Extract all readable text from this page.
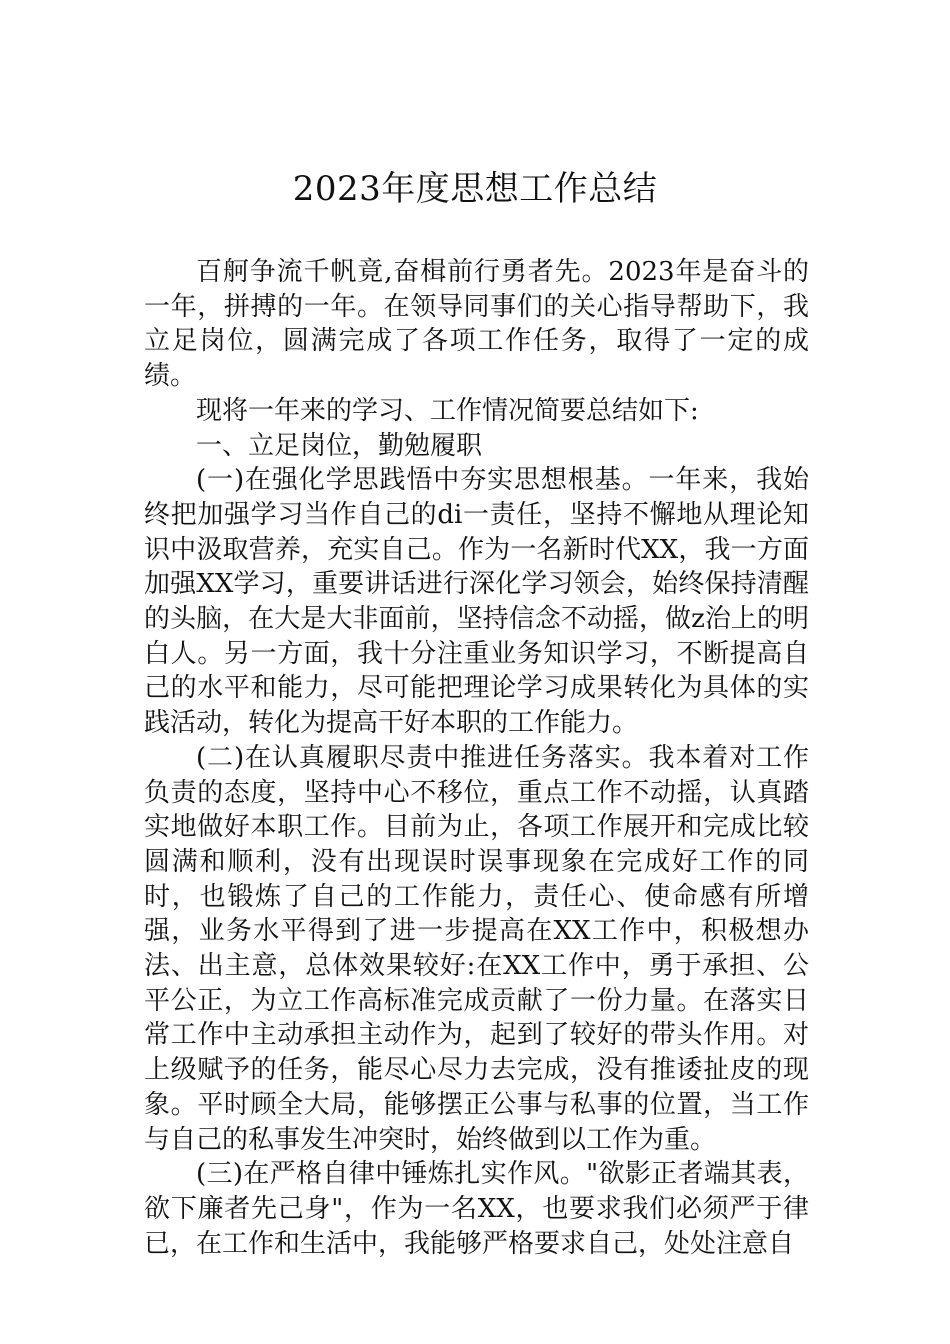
2023年度思想工作总结

百舸争流千帆竟,奋楫前行勇者先。2023年是奋斗的一年，拼搏的一年。在领导同事们的关心指导帮助下，我立足岗位，圆满完成了各项工作任务，取得了一定的成绩。

现将一年来的学习、工作情况简要总结如下:

一、立足岗位，勤勉履职

(一)在强化学思践悟中夯实思想根基。一年来，我始终把加强学习当作自己的di一责任，坚持不懈地从理论知识中汲取营养，充实自己。作为一名新时代XX，我一方面加强XX学习，重要讲话进行深化学习领会，始终保持清醒的头脑，在大是大非面前，坚持信念不动摇，做z治上的明白人。另一方面，我十分注重业务知识学习，不断提高自己的水平和能力，尽可能把理论学习成果转化为具体的实践活动，转化为提高干好本职的工作能力。

(二)在认真履职尽责中推进任务落实。我本着对工作负责的态度，坚持中心不移位，重点工作不动摇，认真踏实地做好本职工作。目前为止，各项工作展开和完成比较圆满和顺利，没有出现误时误事现象在完成好工作的同时，也锻炼了自己的工作能力，责任心、使命感有所增强，业务水平得到了进一步提高在XX工作中，积极想办法、出主意，总体效果较好:在XX工作中，勇于承担、公平公正，为立工作高标准完成贡献了一份力量。在落实日常工作中主动承担主动作为，起到了较好的带头作用。对上级赋予的任务，能尽心尽力去完成，没有推诿扯皮的现象。平时顾全大局，能够摆正公事与私事的位置，当工作与自己的私事发生冲突时，始终做到以工作为重。

(三)在严格自律中锤炼扎实作风。"欲影正者端其表，欲下廉者先己身"，作为一名XX，也要求我们必须严于律已，在工作和生活中，我能够严格要求自己，处处注意自
